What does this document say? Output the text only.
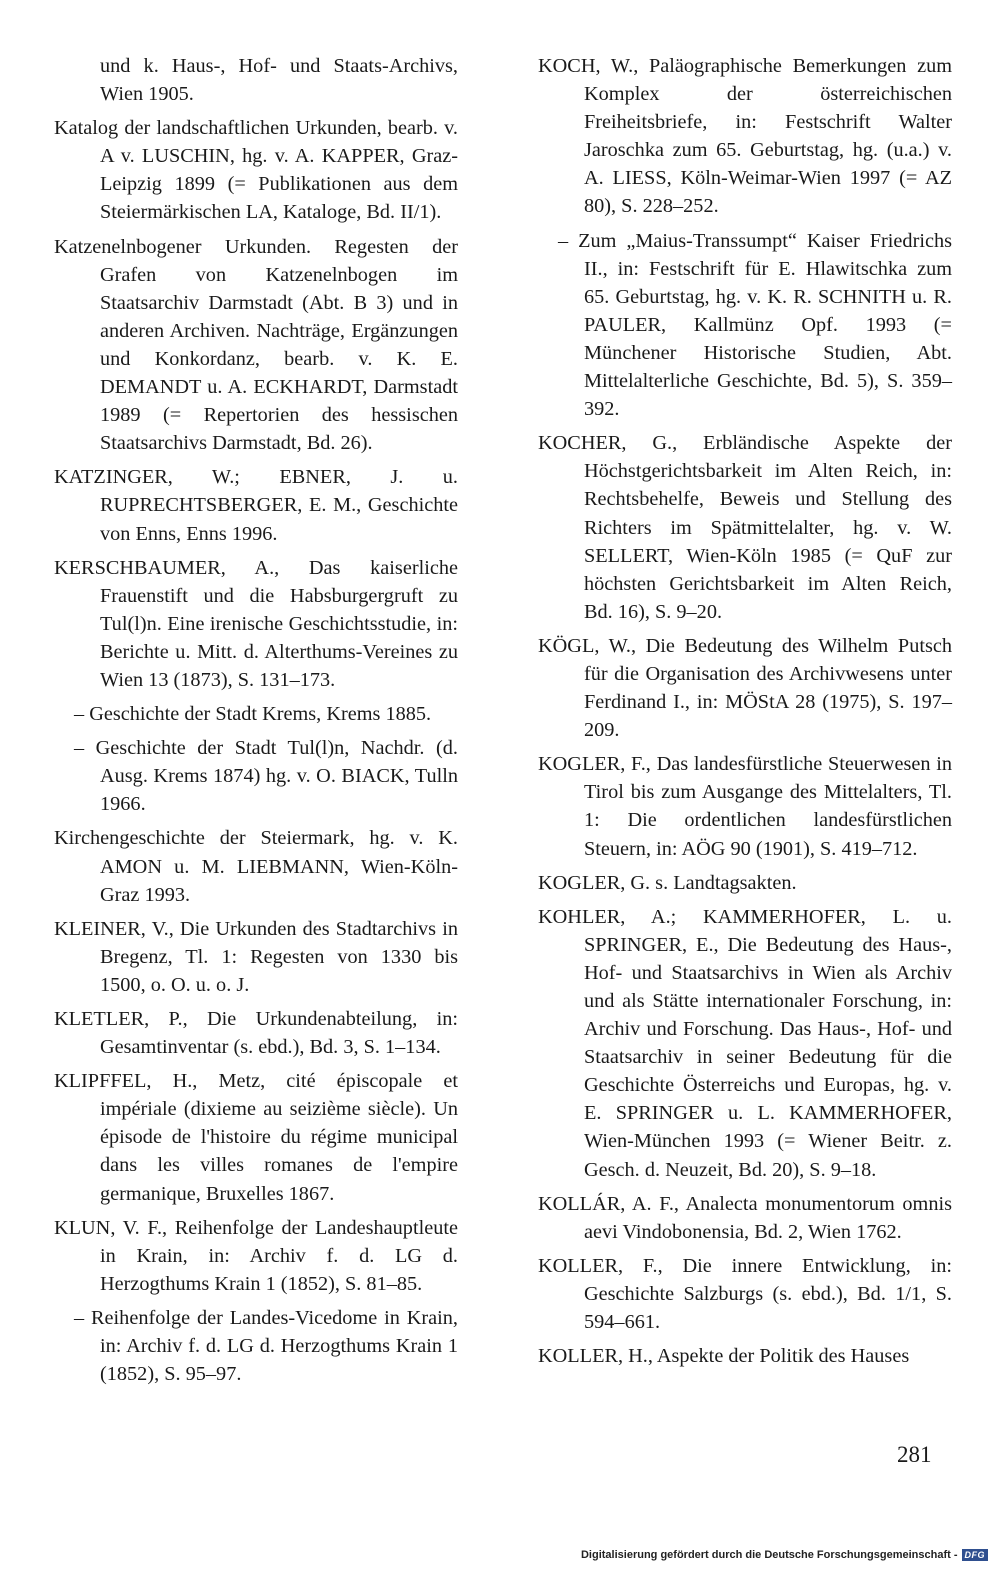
und k. Haus-, Hof- und Staats-Archivs, Wien 1905.

Katalog der landschaftlichen Urkunden, bearb. v. A v. LUSCHIN, hg. v. A. KAPPER, Graz-Leipzig 1899 (= Publikationen aus dem Steiermärkischen LA, Kataloge, Bd. II/1).

Katzenelnbogener Urkunden. Regesten der Grafen von Katzenelnbogen im Staatsarchiv Darmstadt (Abt. B 3) und in anderen Archiven. Nachträge, Ergänzungen und Konkordanz, bearb. v. K. E. DEMANDT u. A. ECKHARDT, Darmstadt 1989 (= Repertorien des hessischen Staatsarchivs Darmstadt, Bd. 26).

KATZINGER, W.; EBNER, J. u. RUPRECHTSBERGER, E. M., Geschichte von Enns, Enns 1996.

KERSCHBAUMER, A., Das kaiserliche Frauenstift und die Habsburgergruft zu Tul(l)n. Eine irenische Geschichtsstudie, in: Berichte u. Mitt. d. Alterthums-Vereines zu Wien 13 (1873), S. 131–173.

– Geschichte der Stadt Krems, Krems 1885.

– Geschichte der Stadt Tul(l)n, Nachdr. (d. Ausg. Krems 1874) hg. v. O. BIACK, Tulln 1966.

Kirchengeschichte der Steiermark, hg. v. K. AMON u. M. LIEBMANN, Wien-Köln-Graz 1993.

KLEINER, V., Die Urkunden des Stadtarchivs in Bregenz, Tl. 1: Regesten von 1330 bis 1500, o. O. u. o. J.

KLETLER, P., Die Urkundenabteilung, in: Gesamtinventar (s. ebd.), Bd. 3, S. 1–134.

KLIPFFEL, H., Metz, cité épiscopale et impériale (dixieme au seizième siècle). Un épisode de l'histoire du régime municipal dans les villes romanes de l'empire germanique, Bruxelles 1867.

KLUN, V. F., Reihenfolge der Landeshauptleute in Krain, in: Archiv f. d. LG d. Herzogthums Krain 1 (1852), S. 81–85.

– Reihenfolge der Landes-Vicedome in Krain, in: Archiv f. d. LG d. Herzogthums Krain 1 (1852), S. 95–97.

KOCH, W., Paläographische Bemerkungen zum Komplex der österreichischen Freiheitsbriefe, in: Festschrift Walter Jaroschka zum 65. Geburtstag, hg. (u.a.) v. A. LIESS, Köln-Weimar-Wien 1997 (= AZ 80), S. 228–252.

– Zum „Maius-Transsumpt“ Kaiser Friedrichs II., in: Festschrift für E. Hlawitschka zum 65. Geburtstag, hg. v. K. R. SCHNITH u. R. PAULER, Kallmünz Opf. 1993 (= Münchener Historische Studien, Abt. Mittelalterliche Geschichte, Bd. 5), S. 359–392.

KOCHER, G., Erbländische Aspekte der Höchstgerichtsbarkeit im Alten Reich, in: Rechtsbehelfe, Beweis und Stellung des Richters im Spätmittelalter, hg. v. W. SELLERT, Wien-Köln 1985 (= QuF zur höchsten Gerichtsbarkeit im Alten Reich, Bd. 16), S. 9–20.

KÖGL, W., Die Bedeutung des Wilhelm Putsch für die Organisation des Archivwesens unter Ferdinand I., in: MÖStA 28 (1975), S. 197–209.

KOGLER, F., Das landesfürstliche Steuerwesen in Tirol bis zum Ausgange des Mittelalters, Tl. 1: Die ordentlichen landesfürstlichen Steuern, in: AÖG 90 (1901), S. 419–712.

KOGLER, G. s. Landtagsakten.

KOHLER, A.; KAMMERHOFER, L. u. SPRINGER, E., Die Bedeutung des Haus-, Hof- und Staatsarchivs in Wien als Archiv und als Stätte internationaler Forschung, in: Archiv und Forschung. Das Haus-, Hof- und Staatsarchiv in seiner Bedeutung für die Geschichte Österreichs und Europas, hg. v. E. SPRINGER u. L. KAMMERHOFER, Wien-München 1993 (= Wiener Beitr. z. Gesch. d. Neuzeit, Bd. 20), S. 9–18.

KOLLÁR, A. F., Analecta monumentorum omnis aevi Vindobonensia, Bd. 2, Wien 1762.

KOLLER, F., Die innere Entwicklung, in: Geschichte Salzburgs (s. ebd.), Bd. 1/1, S. 594–661.

KOLLER, H., Aspekte der Politik des Hauses

281
Digitalisierung gefördert durch die Deutsche Forschungsgemeinschaft - DFG
